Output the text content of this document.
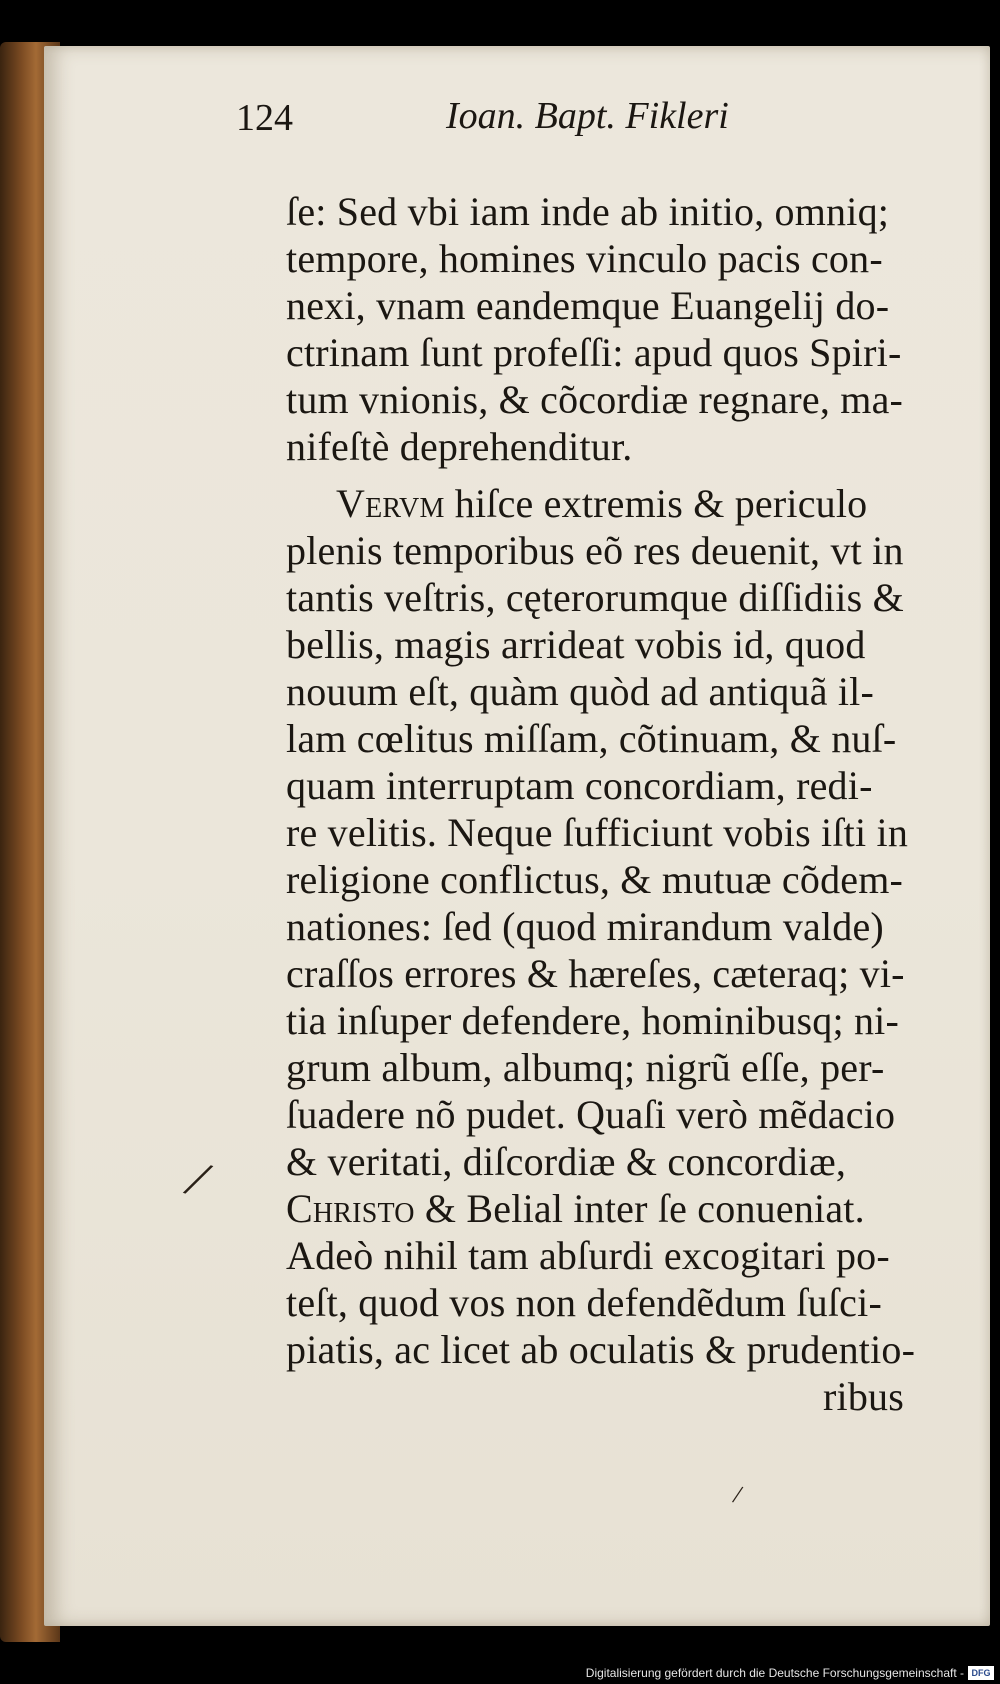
124	Ioan. Bapt. Fikleri
ſe: Sed vbi iam inde ab initio, omniq;
tempore, homines vinculo pacis con-
nexi, vnam eandemque Euangelij do-
ctrinam ſunt profeſſi: apud quos Spiri-
tum vnionis, & cõcordiæ regnare, ma-
nifeſtè deprehenditur.
Vervm hiſce extremis & periculo
plenis temporibus eõ res deuenit, vt in
tantis veſtris, cęterorumque diſſidiis &
bellis, magis arrideat vobis id, quod
nouum eſt, quàm quòd ad antiquã il-
lam cœlitus miſſam, cõtinuam, & nuſ-
quam interruptam concordiam, redi-
re velitis. Neque ſufficiunt vobis iſti in
religione conflictus, & mutuæ cõdem-
nationes: ſed (quod mirandum valde)
craſſos errores & hæreſes, cæteraq; vi-
tia inſuper defendere, hominibusq; ni-
grum album, albumq; nigrũ eſſe, per-
ſuadere nõ pudet. Quaſi verò mẽdacio
& veritati, diſcordiæ & concordiæ,
Christo & Belial inter ſe conueniat.
Adeò nihil tam abſurdi excogitari po-
teſt, quod vos non defendẽdum ſuſci-
piatis, ac licet ab oculatis & prudentio-
ribus
/
/
Digitalisierung gefördert durch die Deutsche Forschungsgemeinschaft - DFG
